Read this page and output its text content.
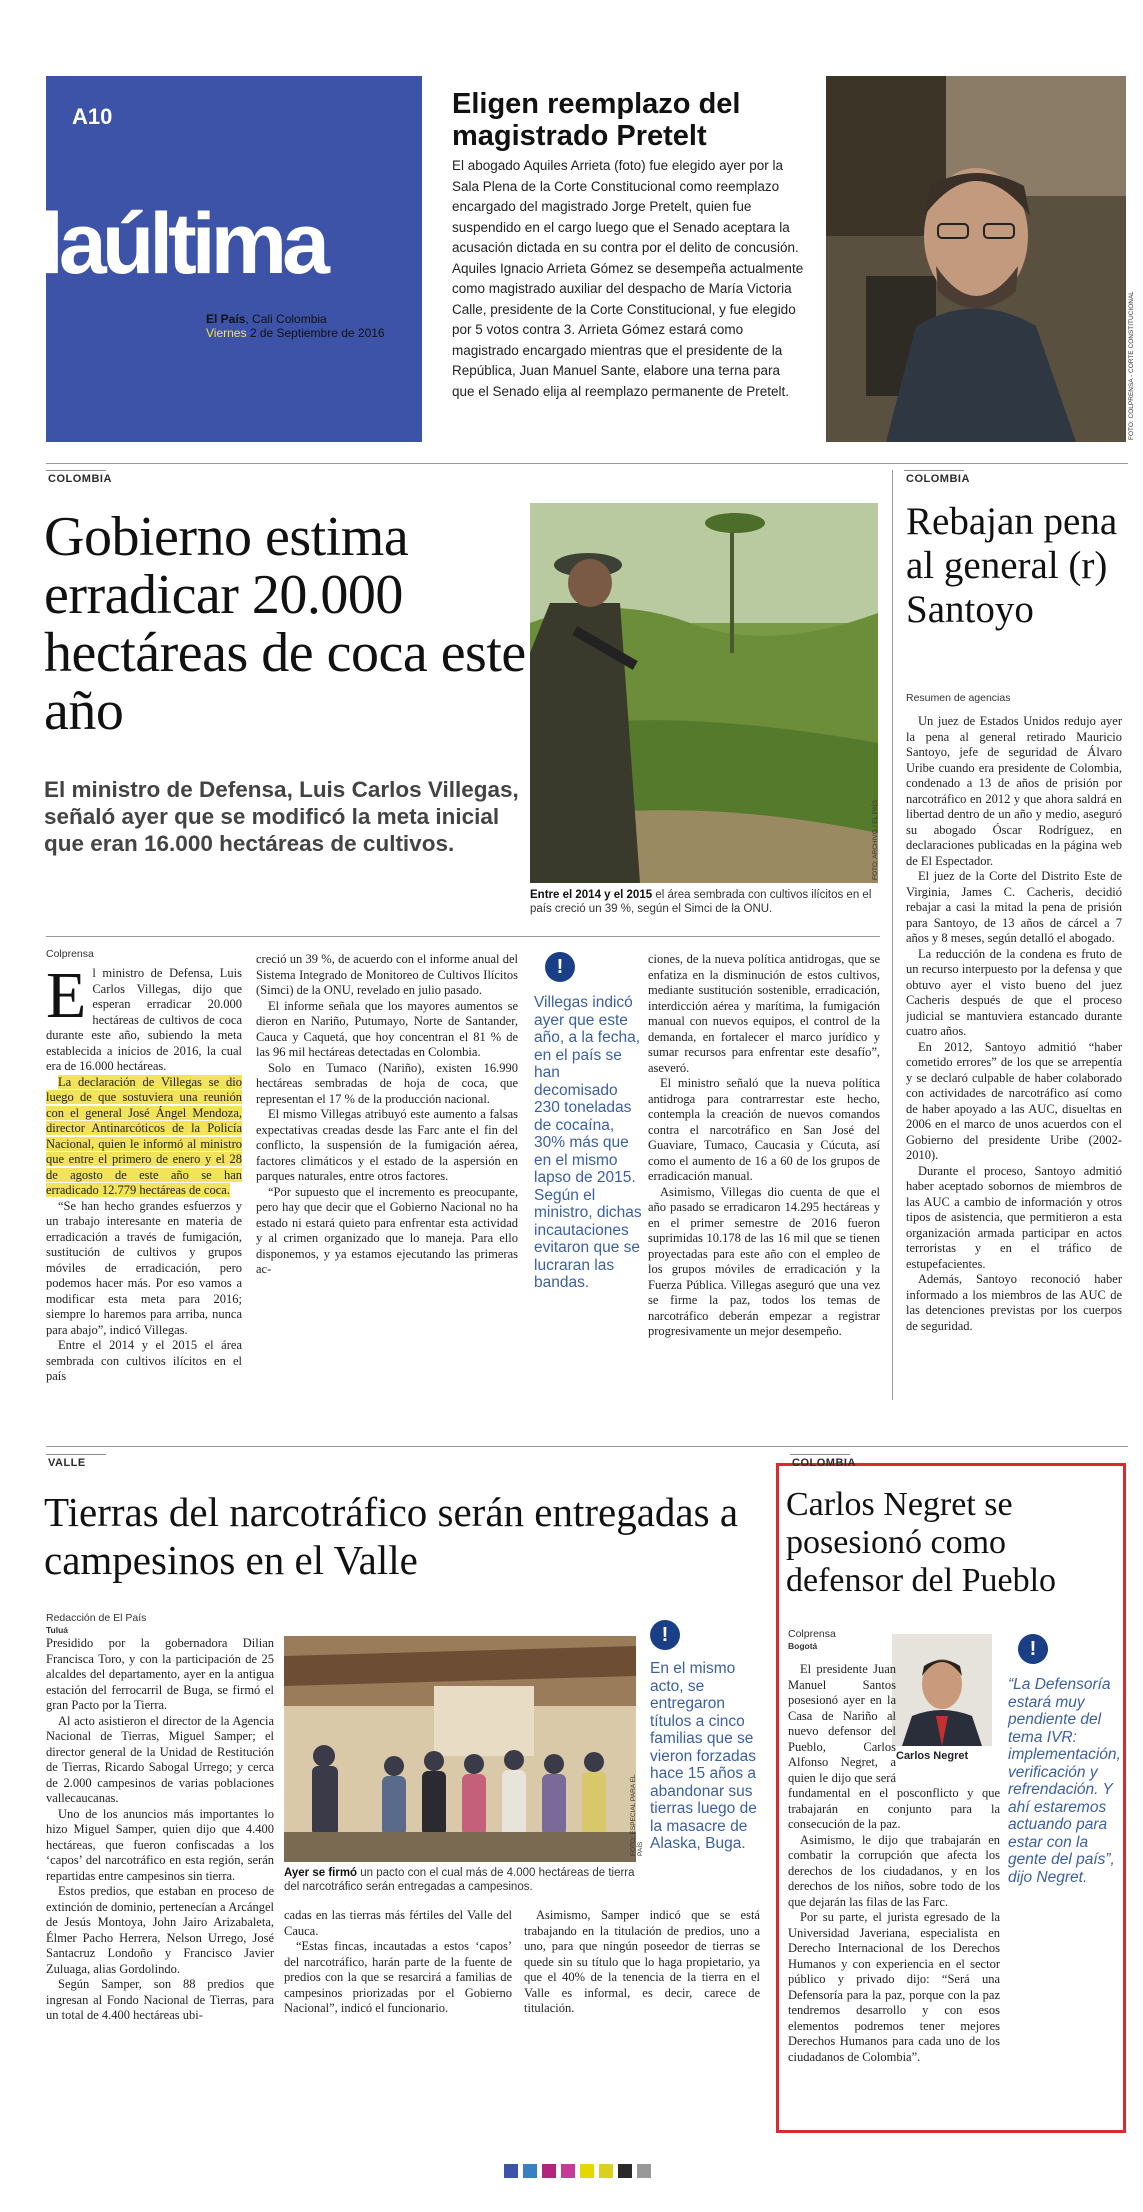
A10
laúltima
El País, Cali Colombia
Viernes 2 de Septiembre de 2016
Eligen reemplazo del magistrado Pretelt
El abogado Aquiles Arrieta (foto) fue elegido ayer por la Sala Plena de la Corte Constitucional como reemplazo encargado del magistrado Jorge Pretelt, quien fue suspendido en el cargo luego que el Senado aceptara la acusación dictada en su contra por el delito de concusión. Aquiles Ignacio Arrieta Gómez se desempeña actualmente como magistrado auxiliar del despacho de María Victoria Calle, presidente de la Corte Constitucional, y fue elegido por 5 votos contra 3. Arrieta Gómez estará como magistrado encargado mientras que el presidente de la República, Juan Manuel Sante, elabore una terna para que el Senado elija al reemplazo permanente de Pretelt.	FOTO: COLPRENSA - CORTE CONSTITUCIONAL
COLOMBIA
Gobierno estima erradicar 20.000 hectáreas de coca este año
El ministro de Defensa, Luis Carlos Villegas, señaló ayer que se modificó la meta inicial que eran 16.000 hectáreas de cultivos.	FOTO: ARCHIVO / EL PAÍS
Entre el 2014 y el 2015 el área sembrada con cultivos ilícitos en el país creció un 39 %, según el Simci de la ONU.
Colprensa
E l ministro de Defensa, Luis Carlos Villegas, dijo que esperan erradicar 20.000 hectáreas de cultivos de coca durante este año, subiendo la meta establecida a inicios de 2016, la cual era de 16.000 hectáreas.

La declaración de Villegas se dio luego de que sostuviera una reunión con el general José Ángel Mendoza, director Antinarcóticos de la Policía Nacional, quien le informó al ministro que entre el primero de enero y el 28 de agosto de este año se han erradicado 12.779 hectáreas de coca.

“Se han hecho grandes esfuerzos y un trabajo interesante en materia de erradicación a través de fumigación, sustitución de cultivos y grupos móviles de erradicación, pero podemos hacer más. Por eso vamos a modificar esta meta para 2016; siempre lo haremos para arriba, nunca para abajo”, indicó Villegas.

Entre el 2014 y el 2015 el área sembrada con cultivos ilícitos en el país

creció un 39 %, de acuerdo con el informe anual del Sistema Integrado de Monitoreo de Cultivos Ilícitos (Simci) de la ONU, revelado en julio pasado.

El informe señala que los mayores aumentos se dieron en Nariño, Putumayo, Norte de Santander, Cauca y Caquetá, que hoy concentran el 81 % de las 96 mil hectáreas detectadas en Colombia.

Solo en Tumaco (Nariño), existen 16.990 hectáreas sembradas de hoja de coca, que representan el 17 % de la producción nacional.

El mismo Villegas atribuyó este aumento a falsas expectativas creadas desde las Farc ante el fin del conflicto, la suspensión de la fumigación aérea, factores climáticos y el estado de la aspersión en parques naturales, entre otros factores.

“Por supuesto que el incremento es preocupante, pero hay que decir que el Gobierno Nacional no ha estado ni estará quieto para enfrentar esta actividad y al crimen organizado que lo maneja. Para ello disponemos, y ya estamos ejecutando las primeras ac-

!
Villegas indicó ayer que este año, a la fecha, en el país se han decomisado 230 toneladas de cocaína, 30% más que en el mismo lapso de 2015. Según el ministro, dichas incautaciones evitaron que se lucraran las bandas.

ciones, de la nueva política antidrogas, que se enfatiza en la disminución de estos cultivos, mediante sustitución sostenible, erradicación, interdicción aérea y marítima, la fumigación manual con nuevos equipos, el control de la demanda, en fortalecer el marco jurídico y sumar recursos para enfrentar este desafío”, aseveró.

El ministro señaló que la nueva política antidroga para contrarrestar este hecho, contempla la creación de nuevos comandos contra el narcotráfico en San José del Guaviare, Tumaco, Caucasia y Cúcuta, así como el aumento de 16 a 60 de los grupos de erradicación manual.

Asimismo, Villegas dio cuenta de que el año pasado se erradicaron 14.295 hectáreas y en el primer semestre de 2016 fueron suprimidas 10.178 de las 16 mil que se tienen proyectadas para este año con el empleo de los grupos móviles de erradicación y la Fuerza Pública. Villegas aseguró que una vez se firme la paz, todos los temas de narcotráfico deberán empezar a registrar progresivamente un mejor desempeño.

COLOMBIA
Rebajan pena al general (r) Santoyo
Resumen de agencias

Un juez de Estados Unidos redujo ayer la pena al general retirado Mauricio Santoyo, jefe de seguridad de Álvaro Uribe cuando era presidente de Colombia, condenado a 13 de años de prisión por narcotráfico en 2012 y que ahora saldrá en libertad dentro de un año y medio, aseguró su abogado Óscar Rodríguez, en declaraciones publicadas en la página web de El Espectador.

El juez de la Corte del Distrito Este de Virginia, James C. Cacheris, decidió rebajar a casi la mitad la pena de prisión para Santoyo, de 13 años de cárcel a 7 años y 8 meses, según detalló el abogado.

La reducción de la condena es fruto de un recurso interpuesto por la defensa y que obtuvo ayer el visto bueno del juez Cacheris después de que el proceso judicial se mantuviera estancado durante cuatro años.

En 2012, Santoyo admitió “haber cometido errores” de los que se arrepentía y se declaró culpable de haber colaborado con actividades de narcotráfico así como de haber apoyado a las AUC, disueltas en 2006 en el marco de unos acuerdos con el Gobierno del presidente Uribe (2002-2010).

Durante el proceso, Santoyo admitió haber aceptado sobornos de miembros de las AUC a cambio de información y otros tipos de asistencia, que permitieron a esta organización armada participar en actos terroristas y en el tráfico de estupefacientes.

Además, Santoyo reconoció haber informado a los miembros de las AUC de las detenciones previstas por los cuerpos de seguridad.

VALLE
Tierras del narcotráfico serán entregadas a campesinos en el Valle
Redacción de El País
Tuluá

Presidido por la gobernadora Dilian Francisca Toro, y con la participación de 25 alcaldes del departamento, ayer en la antigua estación del ferrocarril de Buga, se firmó el gran Pacto por la Tierra.

Al acto asistieron el director de la Agencia Nacional de Tierras, Miguel Samper; el director general de la Unidad de Restitución de Tierras, Ricardo Sabogal Urrego; y cerca de 2.000 campesinos de varias poblaciones vallecaucanas.

Uno de los anuncios más importantes lo hizo Miguel Samper, quien dijo que 4.400 hectáreas, que fueron confiscadas a los ‘capos’ del narcotráfico en esta región, serán repartidas entre campesinos sin tierra.

Estos predios, que estaban en proceso de extinción de dominio, pertenecían a Arcángel de Jesús Montoya, John Jairo Arizabaleta, Élmer Pacho Herrera, Nelson Urrego, José Santacruz Londoño y Francisco Javier Zuluaga, alias Gordolindo.

Según Samper, son 88 predios que ingresan al Fondo Nacional de Tierras, para un total de 4.400 hectáreas ubi-

FOTO: ESPECIAL PARA EL PAÍS
Ayer se firmó un pacto con el cual más de 4.000 hectáreas de tierra del narcotráfico serán entregadas a campesinos.
!
En el mismo acto, se entregaron títulos a cinco familias que se vieron forzadas hace 15 años a abandonar sus tierras luego de la masacre de Alaska, Buga.

cadas en las tierras más fértiles del Valle del Cauca.

“Estas fincas, incautadas a estos ‘capos’ del narcotráfico, harán parte de la fuente de predios con la que se resarcirá a familias de campesinos priorizadas por el Gobierno Nacional”, indicó el funcionario.

Asimismo, Samper indicó que se está trabajando en la titulación de predios, uno a uno, para que ningún poseedor de tierras se quede sin su título que lo haga propietario, ya que el 40% de la tenencia de la tierra en el Valle es informal, es decir, carece de titulación.

COLOMBIA
Carlos Negret se posesionó como defensor del Pueblo
Colprensa
Bogotá
Carlos Negret
!
“La Defensoría estará muy pendiente del tema IVR: implementación, verificación y refrendación. Y ahí estaremos actuando para estar con la gente del país”, dijo Negret.

El presidente Juan Manuel Santos posesionó ayer en la Casa de Nariño al nuevo defensor del Pueblo, Carlos Alfonso Negret, a quien le dijo que será fundamental en el posconflicto y que trabajarán en conjunto para la consecución de la paz.

Asimismo, le dijo que trabajarán en combatir la corrupción que afecta los derechos de los ciudadanos, y en los derechos de los niños, sobre todo de los que dejarán las filas de las Farc.

Por su parte, el jurista egresado de la Universidad Javeriana, especialista en Derecho Internacional de los Derechos Humanos y con experiencia en el sector público y privado dijo: “Será una Defensoría para la paz, porque con la paz tendremos desarrollo y con esos elementos podremos tener mejores Derechos Humanos para cada uno de los ciudadanos de Colombia”.
